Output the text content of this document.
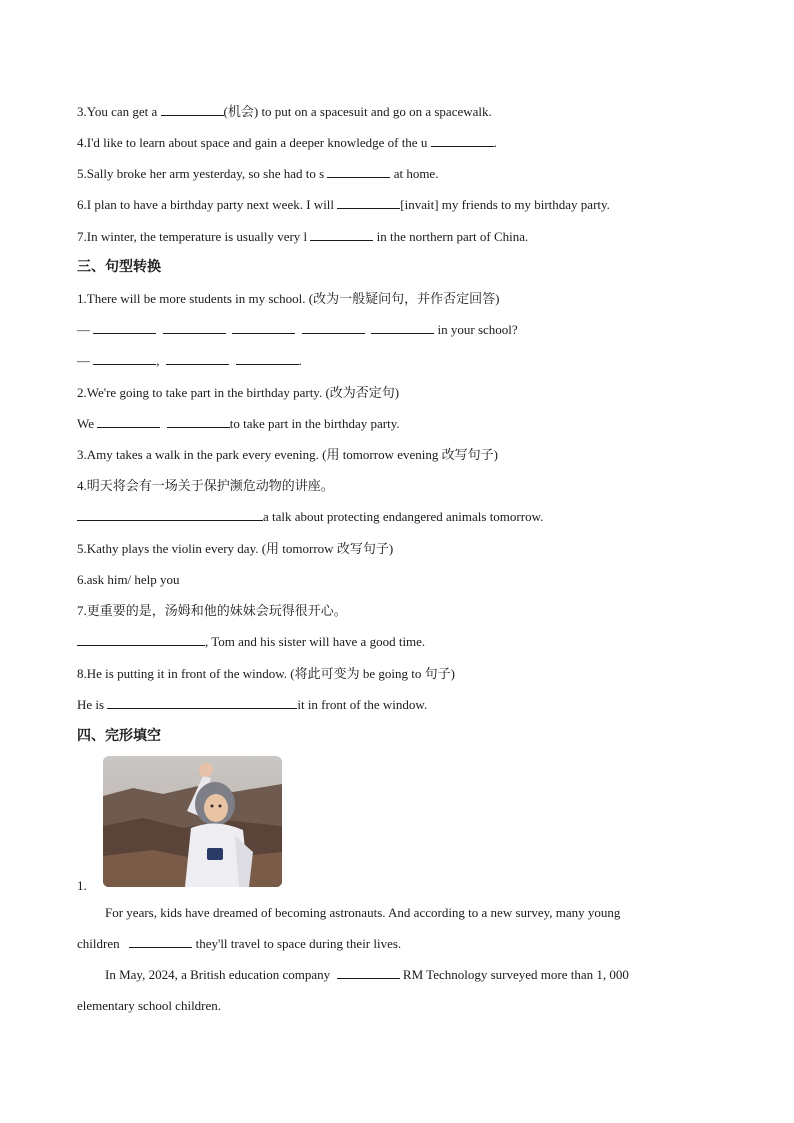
3.You can get a	(机会) to put on a spacesuit and go on a spacewalk.
4.I'd like to learn about space and gain a deeper knowledge of the u	.
5.Sally broke her arm yesterday, so she had to s	at home.
6.I plan to have a birthday party next week. I will	[invait] my friends to my birthday party.
7.In winter, the temperature is usually very l	in the northern part of China.
三、句型转换
1.There will be more students in my school. (改为一般疑问句，并作否定回答)
—	in your school?
—	,	.
2.We're going to take part in the birthday party. (改为否定句)
We	to take part in the birthday party.
3.Amy takes a walk in the park every evening. (用 tomorrow evening 改写句子)
4.明天将会有一场关于保护濒危动物的讲座。
a talk about protecting endangered animals tomorrow.
5.Kathy plays the violin every day. (用 tomorrow 改写句子)
6.ask him/ help you
7.更重要的是，汤姆和他的妹妹会玩得很开心。
, Tom and his sister will have a good time.
8.He is putting it in front of the window. (将此可变为 be going to 句子)
He is	it in front of the window.
四、完形填空
1.
For years, kids have dreamed of becoming astronauts. And according to a new survey, many young
children	they'll travel to space during their lives.
In May, 2024, a British education company	RM Technology surveyed more than 1, 000
elementary school children.
